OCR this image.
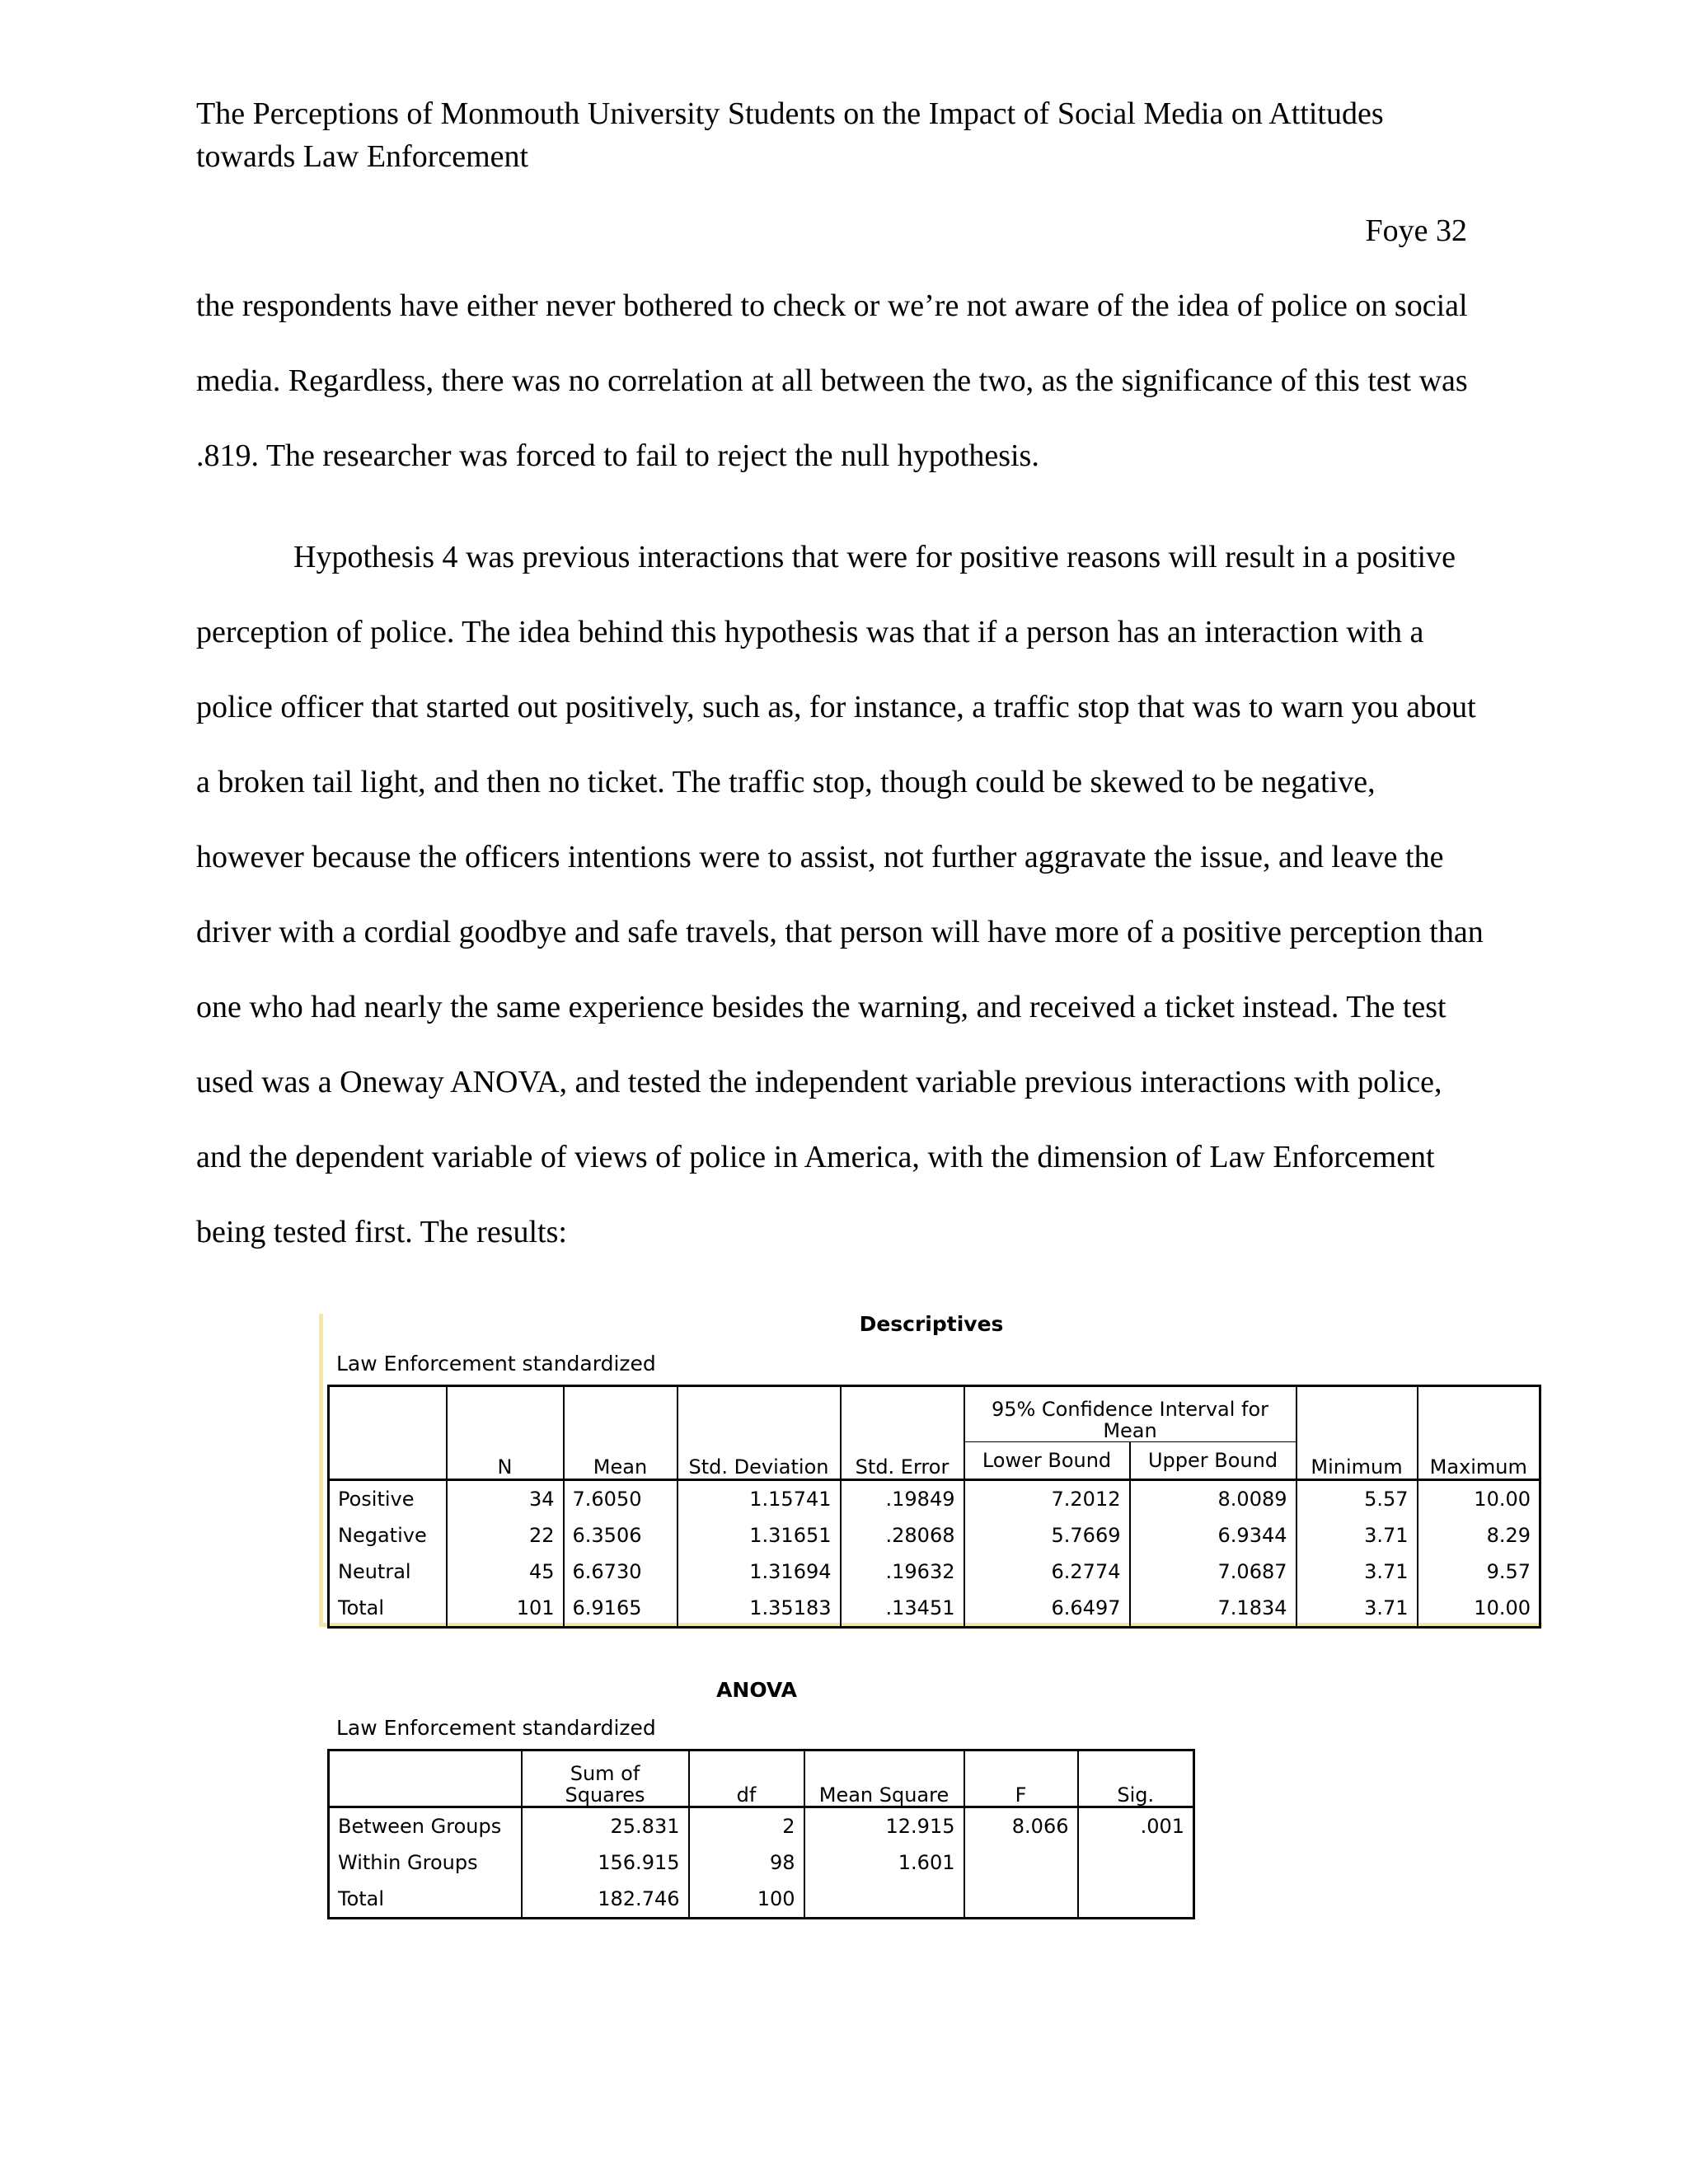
The Perceptions of Monmouth University Students on the Impact of Social Media on Attitudes
towards Law Enforcement
Foye 32
the respondents have either never bothered to check or we’re not aware of the idea of police on social media. Regardless, there was no correlation at all between the two, as the significance of this test was .819. The researcher was forced to fail to reject the null hypothesis.
Hypothesis 4 was previous interactions that were for positive reasons will result in a positive perception of police. The idea behind this hypothesis was that if a person has an interaction with a police officer that started out positively, such as, for instance, a traffic stop that was to warn you about a broken tail light, and then no ticket. The traffic stop, though could be skewed to be negative, however because the officers intentions were to assist, not further aggravate the issue, and leave the driver with a cordial goodbye and safe travels, that person will have more of a positive perception than one who had nearly the same experience besides the warning, and received a ticket instead. The test used was a Oneway ANOVA, and tested the independent variable previous interactions with police, and the dependent variable of views of police in America, with the dimension of Law Enforcement being tested first. The results:
Descriptives
Law Enforcement standardized

	N	Mean	Std. Deviation	Std. Error	95% Confidence Interval for Mean		Minimum	Maximum

					Lower Bound	Upper Bound		
Positive	34	7.6050	1.15741	.19849	7.2012	8.0089	5.57	10.00
Negative	22	6.3506	1.31651	.28068	5.7669	6.9344	3.71	8.29
Neutral	45	6.6730	1.31694	.19632	6.2774	7.0687	3.71	9.57
Total	101	6.9165	1.35183	.13451	6.6497	7.1834	3.71	10.00
ANOVA
Law Enforcement standardized
	Sum of Squares	df	Mean Square	F	Sig.
Between Groups	25.831	2	12.915	8.066	.001
Within Groups	156.915	98	1.601		
Total	182.746	100			
